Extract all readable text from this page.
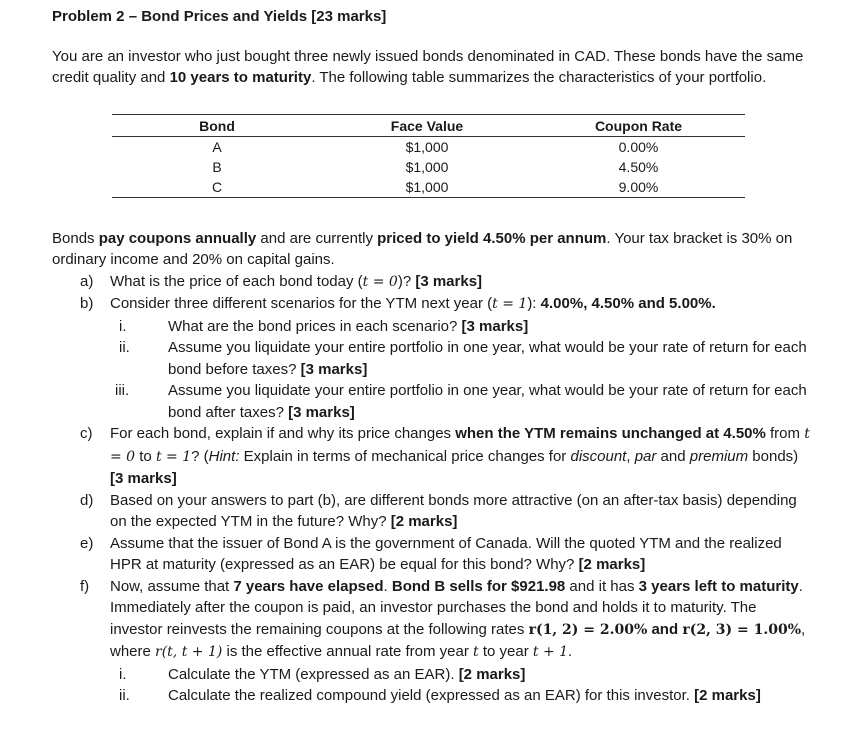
Problem 2 – Bond Prices and Yields [23 marks]

You are an investor who just bought three newly issued bonds denominated in CAD. These bonds have the same credit quality and 10 years to maturity. The following table summarizes the characteristics of your portfolio.

Bond	Face Value	Coupon Rate
A	$1,000	0.00%
B	$1,000	4.50%
C	$1,000	9.00%

Bonds pay coupons annually and are currently priced to yield 4.50% per annum. Your tax bracket is 30% on ordinary income and 20% on capital gains.

a) What is the price of each bond today (t = 0)? [3 marks]
b) Consider three different scenarios for the YTM next year (t = 1): 4.00%, 4.50% and 5.00%.
i.	What are the bond prices in each scenario? [3 marks]
ii.	Assume you liquidate your entire portfolio in one year, what would be your rate of return for each bond before taxes? [3 marks]
iii.	Assume you liquidate your entire portfolio in one year, what would be your rate of return for each bond after taxes? [3 marks]
c) For each bond, explain if and why its price changes when the YTM remains unchanged at 4.50% from t = 0 to t = 1? (Hint: Explain in terms of mechanical price changes for discount, par and premium bonds) [3 marks]
d) Based on your answers to part (b), are different bonds more attractive (on an after-tax basis) depending on the expected YTM in the future? Why? [2 marks]
e) Assume that the issuer of Bond A is the government of Canada. Will the quoted YTM and the realized HPR at maturity (expressed as an EAR) be equal for this bond? Why? [2 marks]
f) Now, assume that 7 years have elapsed. Bond B sells for $921.98 and it has 3 years left to maturity. Immediately after the coupon is paid, an investor purchases the bond and holds it to maturity. The investor reinvests the remaining coupons at the following rates r(1, 2) = 2.00% and r(2, 3) = 1.00%, where r(t, t + 1) is the effective annual rate from year t to year t + 1.
i.	Calculate the YTM (expressed as an EAR). [2 marks]
ii.	Calculate the realized compound yield (expressed as an EAR) for this investor. [2 marks]
